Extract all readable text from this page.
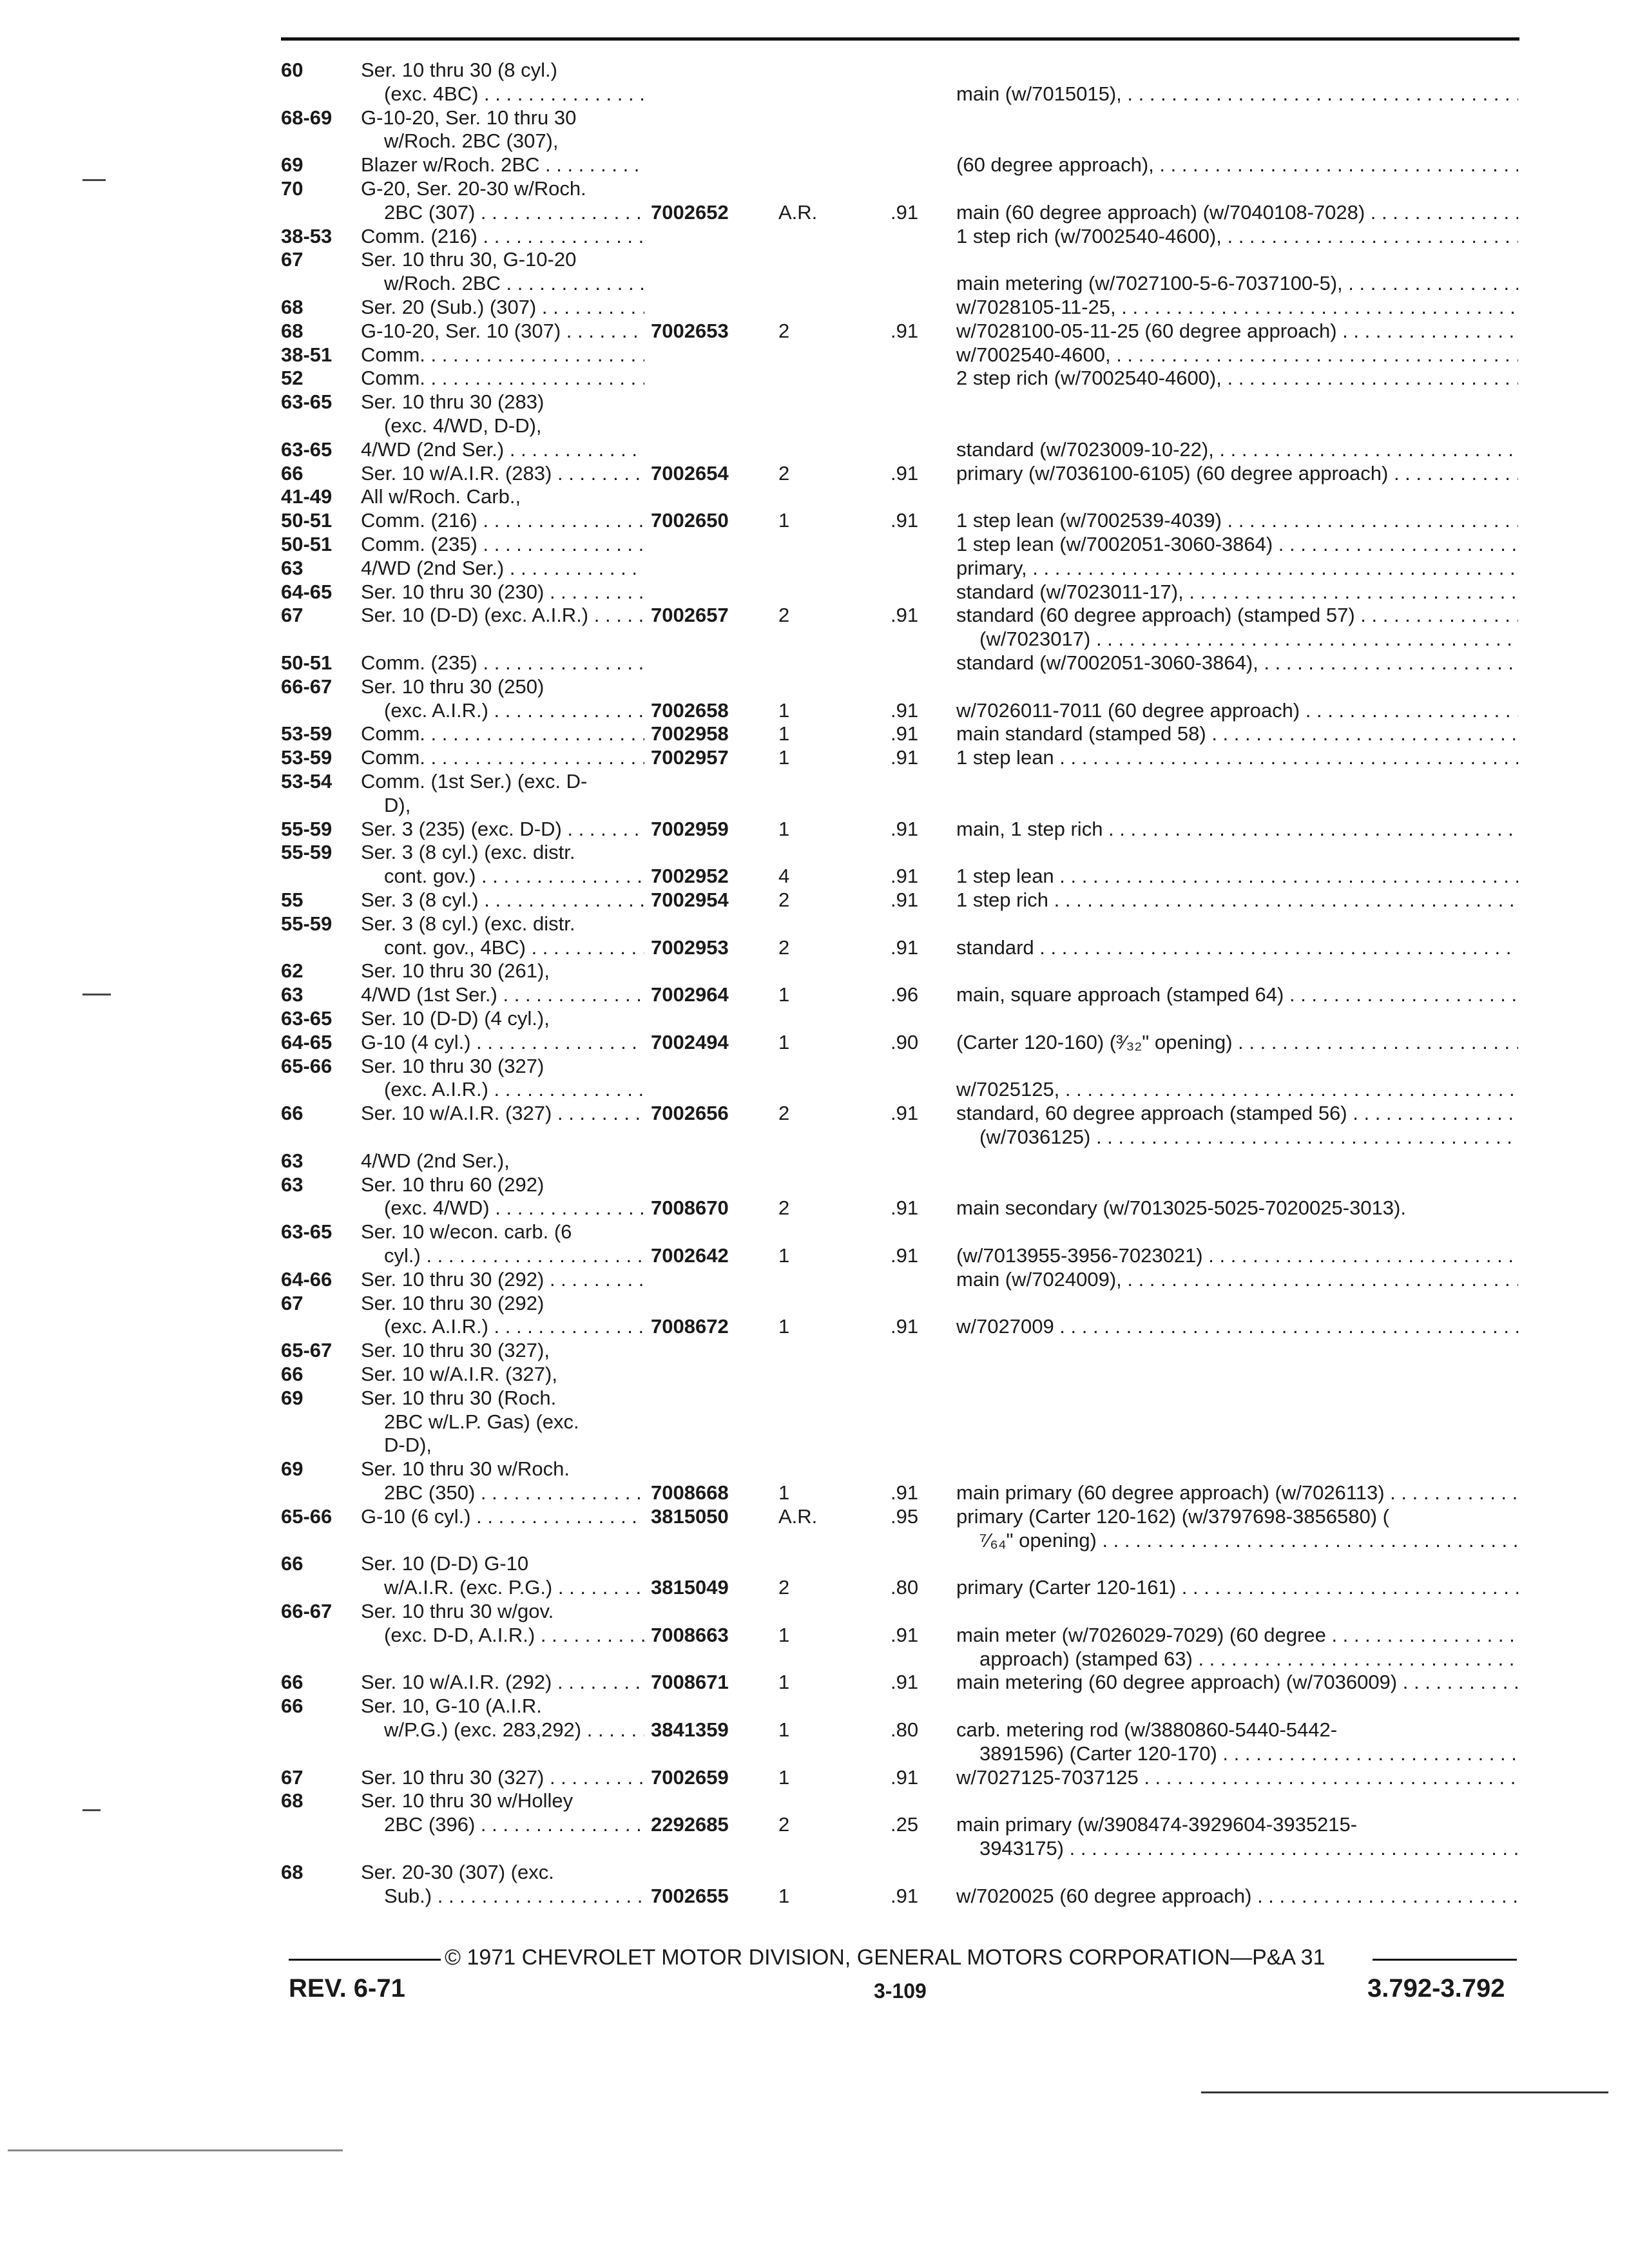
60	Ser. 10 thru 30 (8 cyl.)
(exc. 4BC) . . .	main (w/7015015), . . .
68-69 G-10-20, Ser. 10 thru 30
w/Roch. 2BC (307),
69	Blazer w/Roch. 2BC . . .	(60 degree approach), . . .
70	G-20, Ser. 20-30 w/Roch.
2BC (307) . . .	7002652 A.R.	.91 main (60 degree approach) (w/7040108-7028) . . .
38-53 Comm. (216) . . .	1 step rich (w/7002540-4600), . . .
67	Ser. 10 thru 30, G-10-20
w/Roch. 2BC . . .	main metering (w/7027100-5-6-7037100-5), . . .
68	Ser. 20 (Sub.) (307) . . .	w/7028105-11-25, . . .
68	G-10-20, Ser. 10 (307) . . .	7002653 2	.91 w/7028100-05-11-25 (60 degree approach) . . .
38-51 Comm. . . .	w/7002540-4600, . . .
52	Comm. . . .	2 step rich (w/7002540-4600), . . .
63-65 Ser. 10 thru 30 (283)
(exc. 4/WD, D-D),
63-65 4/WD (2nd Ser.) . . .	standard (w/7023009-10-22), . . .
66	Ser. 10 w/A.I.R. (283) . . .	7002654 2	.91 primary (w/7036100-6105) (60 degree approach) . . .
41-49 All w/Roch. Carb.,
50-51 Comm. (216) . . .	7002650 1	.91 1 step lean (w/7002539-4039) . . .
50-51 Comm. (235) . . .	1 step lean (w/7002051-3060-3864) . . .
63	4/WD (2nd Ser.) . . .	primary, . . .
64-65 Ser. 10 thru 30 (230) . . .	standard (w/7023011-17), . . .
67	Ser. 10 (D-D) (exc. A.I.R.) . . .	7002657 2	.91 standard (60 degree approach) (stamped 57) . . .
(w/7023017) . . .
50-51 Comm. (235) . . .	standard (w/7002051-3060-3864), . . .
66-67 Ser. 10 thru 30 (250)
(exc. A.I.R.) . . .	7002658 1	.91 w/7026011-7011 (60 degree approach) . . .
53-59 Comm. . . .	7002958 1	.91 main standard (stamped 58) . . .
53-59 Comm. . . .	7002957 1	.91 1 step lean . . .
53-54 Comm. (1st Ser.) (exc. D-
D),
55-59 Ser. 3 (235) (exc. D-D) . . .	7002959 1	.91 main, 1 step rich . . .
55-59 Ser. 3 (8 cyl.) (exc. distr.
cont. gov.) . . .	7002952 4	.91 1 step lean . . .
55	Ser. 3 (8 cyl.) . . .	7002954 2	.91 1 step rich . . .
55-59 Ser. 3 (8 cyl.) (exc. distr.
cont. gov., 4BC) . . .	7002953 2	.91 standard . . .
62	Ser. 10 thru 30 (261),
63	4/WD (1st Ser.) . . .	7002964 1	.96 main, square approach (stamped 64) . . .
63-65 Ser. 10 (D-D) (4 cyl.),
64-65 G-10 (4 cyl.) . . .	7002494 1	.90 (Carter 120-160) (³⁄₃₂" opening) . . .
65-66 Ser. 10 thru 30 (327)
(exc. A.I.R.) . . .	w/7025125, . . .
66	Ser. 10 w/A.I.R. (327) . . .	7002656 2	.91 standard, 60 degree approach (stamped 56) . . .
(w/7036125) . . .
63	4/WD (2nd Ser.),
63	Ser. 10 thru 60 (292)
(exc. 4/WD) . . .	7008670 2	.91 main secondary (w/7013025-5025-7020025-3013).
63-65 Ser. 10 w/econ. carb. (6
cyl.) . . .	7002642 1	.91 (w/7013955-3956-7023021) . . .
64-66 Ser. 10 thru 30 (292) . . .	main (w/7024009), . . .
67	Ser. 10 thru 30 (292)
(exc. A.I.R.) . . .	7008672 1	.91 w/7027009 . . .
65-67 Ser. 10 thru 30 (327),
66	Ser. 10 w/A.I.R. (327),
69	Ser. 10 thru 30 (Roch.
2BC w/L.P. Gas) (exc.
D-D),
69	Ser. 10 thru 30 w/Roch.
2BC (350) . . .	7008668 1	.91 main primary (60 degree approach) (w/7026113) . . .
65-66 G-10 (6 cyl.) . . .	3815050 A.R.	.95 primary (Carter 120-162) (w/3797698-3856580) (
⁷⁄₆₄" opening) . . .
66	Ser. 10 (D-D) G-10
w/A.I.R. (exc. P.G.) . . .	3815049 2	.80 primary (Carter 120-161) . . .
66-67 Ser. 10 thru 30 w/gov.
(exc. D-D, A.I.R.) . . .	7008663 1	.91 main meter (w/7026029-7029) (60 degree . . .
approach) (stamped 63) . . .
66	Ser. 10 w/A.I.R. (292) . . .	7008671 1	.91 main metering (60 degree approach) (w/7036009) . . .
66	Ser. 10, G-10 (A.I.R.
w/P.G.) (exc. 283,292) . . .	3841359 1	.80 carb. metering rod (w/3880860-5440-5442-
3891596) (Carter 120-170) . . .
67	Ser. 10 thru 30 (327) . . .	7002659 1	.91 w/7027125-7037125 . . .
68	Ser. 10 thru 30 w/Holley
2BC (396) . . .	2292685 2	.25 main primary (w/3908474-3929604-3935215-
3943175) . . .
68	Ser. 20-30 (307) (exc.
Sub.) . . .	7002655 1	.91 w/7020025 (60 degree approach) . . .
© 1971 CHEVROLET MOTOR DIVISION, GENERAL MOTORS CORPORATION—P&A 31
REV. 6-71	3-109	3.792-3.792
